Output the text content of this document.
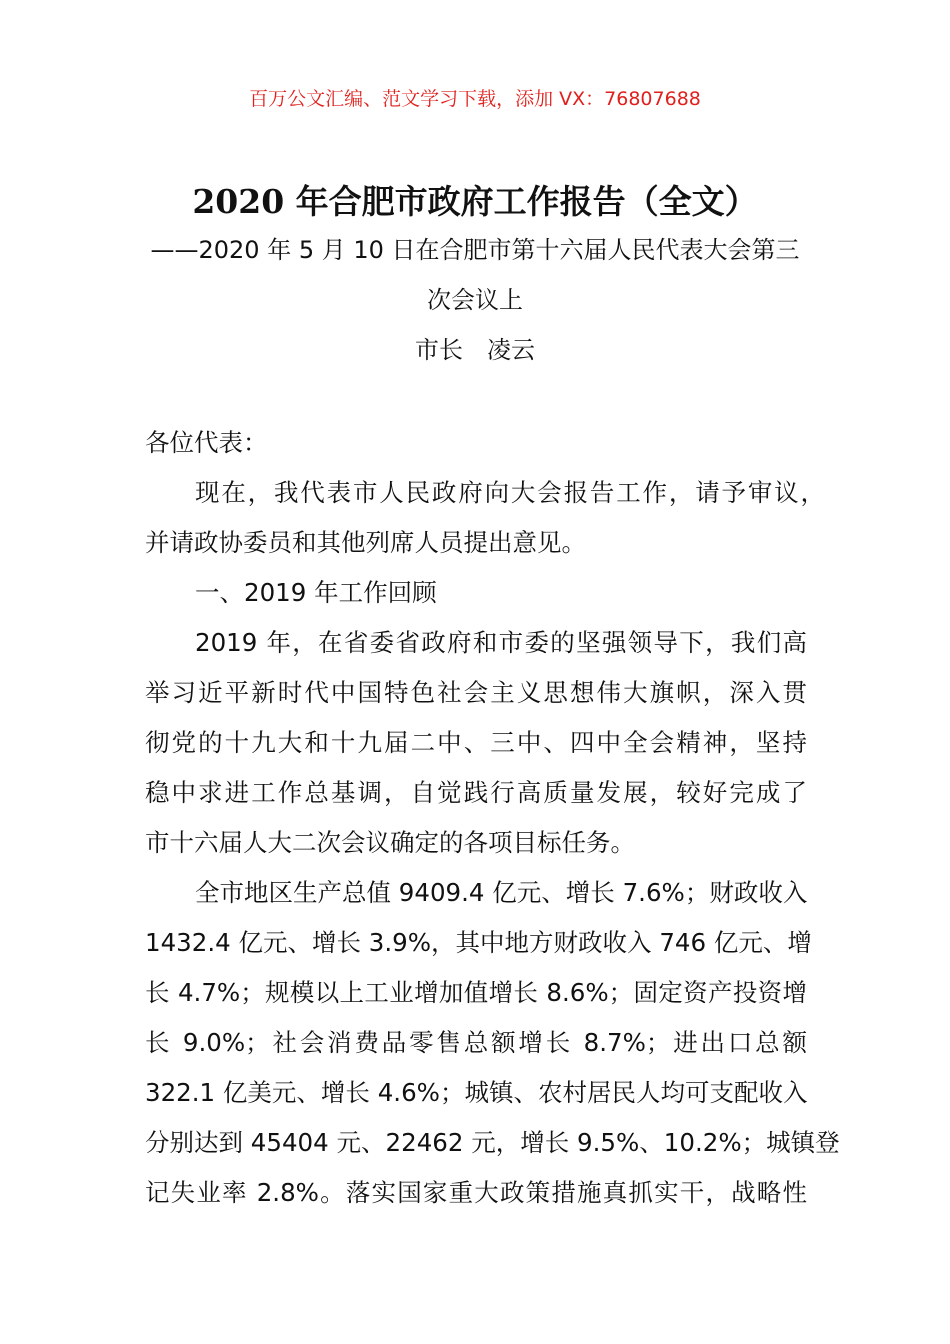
百万公文汇编、范文学习下载，添加 VX：76807688
2020 年合肥市政府工作报告（全文）
——2020 年 5 月 10 日在合肥市第十六届人民代表大会第三
次会议上
市长　凌云
各位代表：
现在，我代表市人民政府向大会报告工作，请予审议，
并请政协委员和其他列席人员提出意见。
一、2019 年工作回顾
2019 年，在省委省政府和市委的坚强领导下，我们高
举习近平新时代中国特色社会主义思想伟大旗帜，深入贯
彻党的十九大和十九届二中、三中、四中全会精神，坚持
稳中求进工作总基调，自觉践行高质量发展，较好完成了
市十六届人大二次会议确定的各项目标任务。
全市地区生产总值 9409.4 亿元、增长 7.6%；财政收入
1432.4 亿元、增长 3.9%，其中地方财政收入 746 亿元、增
长 4.7%；规模以上工业增加值增长 8.6%；固定资产投资增
长 9.0%；社会消费品零售总额增长 8.7%；进出口总额
322.1 亿美元、增长 4.6%；城镇、农村居民人均可支配收入
分别达到 45404 元、22462 元，增长 9.5%、10.2%；城镇登
记失业率 2.8%。落实国家重大政策措施真抓实干，战略性
